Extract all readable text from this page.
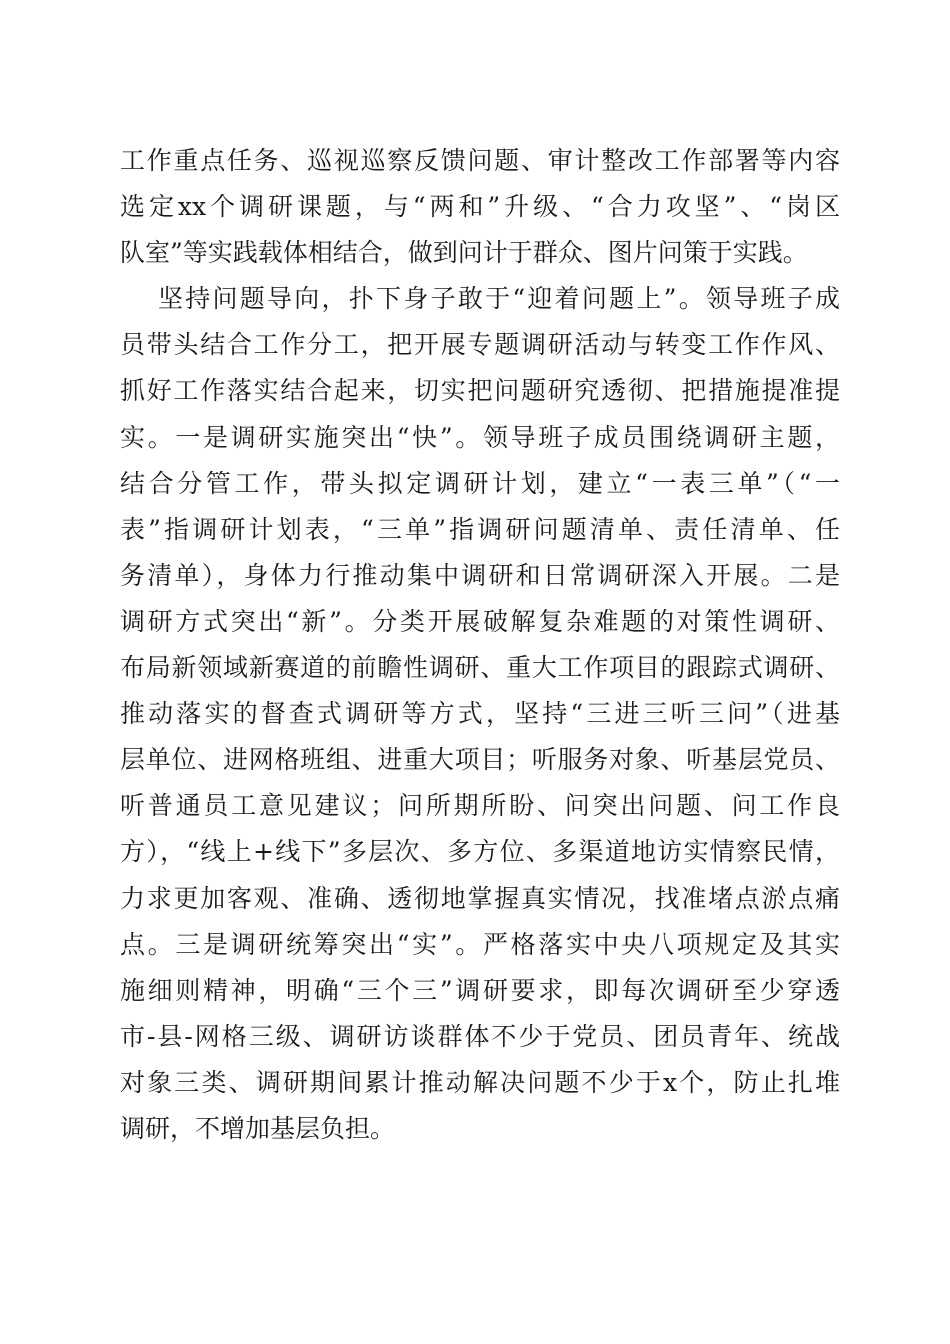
工作重点任务、巡视巡察反馈问题、审计整改工作部署等内容
选定xx个调研课题，与“两和”升级、“合力攻坚”、“岗区
队室”等实践载体相结合，做到问计于群众、图片问策于实践。
坚持问题导向，扑下身子敢于“迎着问题上”。领导班子成
员带头结合工作分工，把开展专题调研活动与转变工作作风、
抓好工作落实结合起来，切实把问题研究透彻、把措施提准提
实。一是调研实施突出“快”。领导班子成员围绕调研主题，
结合分管工作，带头拟定调研计划，建立“一表三单”（“一
表”指调研计划表，“三单”指调研问题清单、责任清单、任
务清单），身体力行推动集中调研和日常调研深入开展。二是
调研方式突出“新”。分类开展破解复杂难题的对策性调研、
布局新领域新赛道的前瞻性调研、重大工作项目的跟踪式调研、
推动落实的督查式调研等方式，坚持“三进三听三问”（进基
层单位、进网格班组、进重大项目；听服务对象、听基层党员、
听普通员工意见建议；问所期所盼、问突出问题、问工作良
方），“线上+线下”多层次、多方位、多渠道地访实情察民情，
力求更加客观、准确、透彻地掌握真实情况，找准堵点淤点痛
点。三是调研统筹突出“实”。严格落实中央八项规定及其实
施细则精神，明确“三个三”调研要求，即每次调研至少穿透
市-县-网格三级、调研访谈群体不少于党员、团员青年、统战
对象三类、调研期间累计推动解决问题不少于x个，防止扎堆
调研，不增加基层负担。
